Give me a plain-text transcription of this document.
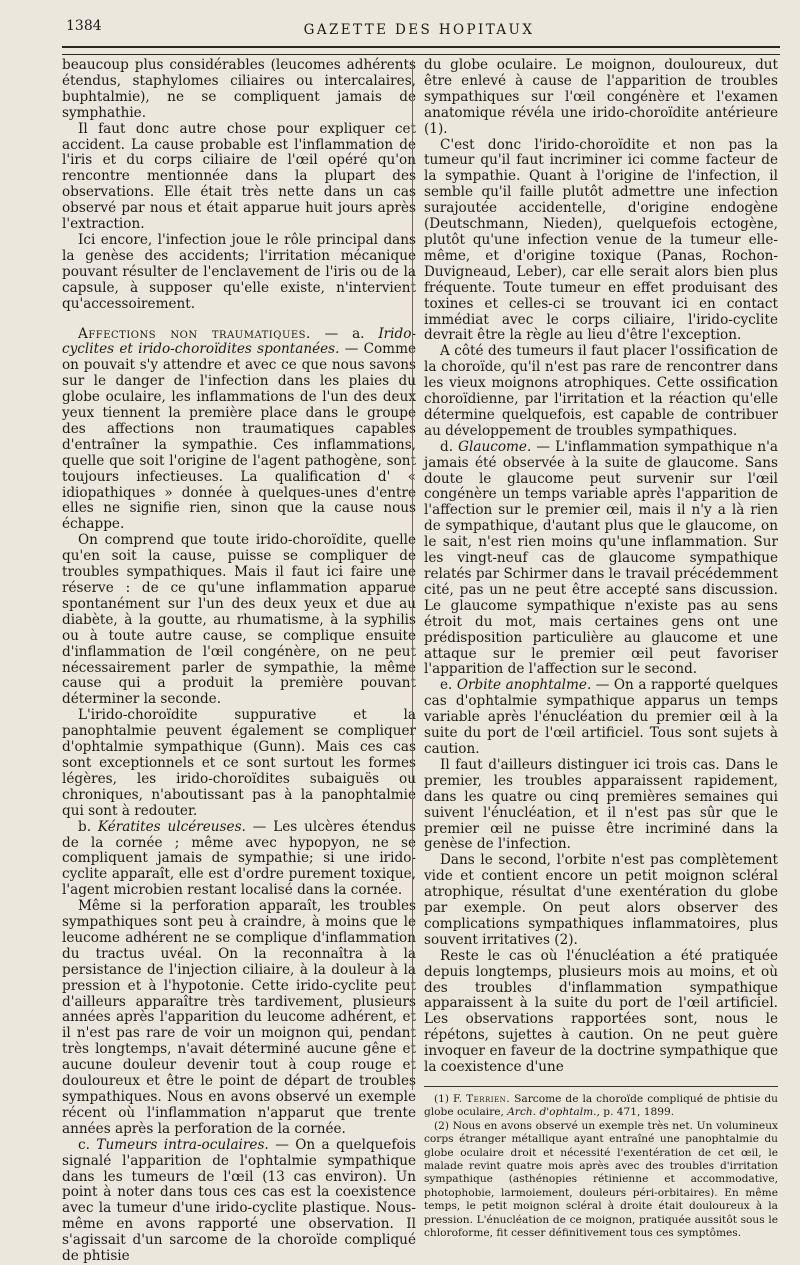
1384	GAZETTE DES HOPITAUX

beaucoup plus considérables (leucomes adhérents étendus, staphylomes ciliaires ou intercalaires, buphtalmie), ne se compliquent jamais de symphathie.

Il faut donc autre chose pour expliquer cet accident. La cause probable est l'inflammation de l'iris et du corps ciliaire de l'œil opéré qu'on rencontre mentionnée dans la plupart des observations. Elle était très nette dans un cas observé par nous et était apparue huit jours après l'extraction.

Ici encore, l'infection joue le rôle principal dans la genèse des accidents; l'irritation mécanique pouvant résulter de l'enclavement de l'iris ou de la capsule, à supposer qu'elle existe, n'intervient qu'accessoirement.

Affections non traumatiques. — a. Irido-cyclites et irido-choroïdites spontanées. — Comme on pouvait s'y attendre et avec ce que nous savons sur le danger de l'infection dans les plaies du globe oculaire, les inflammations de l'un des deux yeux tiennent la première place dans le groupe des affections non traumatiques capables d'entraîner la sympathie. Ces inflammations, quelle que soit l'origine de l'agent pathogène, sont toujours infectieuses. La qualification d' « idiopathiques » donnée à quelques-unes d'entre elles ne signifie rien, sinon que la cause nous échappe.

On comprend que toute irido-choroïdite, quelle qu'en soit la cause, puisse se compliquer de troubles sympathiques. Mais il faut ici faire une réserve : de ce qu'une inflammation apparue spontanément sur l'un des deux yeux et due au diabète, à la goutte, au rhumatisme, à la syphilis ou à toute autre cause, se complique ensuite d'inflammation de l'œil congénère, on ne peut nécessairement parler de sympathie, la même cause qui a produit la première pouvant déterminer la seconde.

L'irido-choroïdite suppurative et la panophtalmie peuvent également se compliquer d'ophtalmie sympathique (Gunn). Mais ces cas sont exceptionnels et ce sont surtout les formes légères, les irido-choroïdites subaiguës ou chroniques, n'aboutissant pas à la panophtalmie qui sont à redouter.

b. Kératites ulcéreuses. — Les ulcères étendus de la cornée ; même avec hypopyon, ne se compliquent jamais de sympathie; si une irido-cyclite apparaît, elle est d'ordre purement toxique, l'agent microbien restant localisé dans la cornée.

Même si la perforation apparaît, les troubles sympathiques sont peu à craindre, à moins que le leucome adhérent ne se complique d'inflammation du tractus uvéal. On la reconnaîtra à la persistance de l'injection ciliaire, à la douleur à la pression et à l'hypotonie. Cette irido-cyclite peut d'ailleurs apparaître très tardivement, plusieurs années après l'apparition du leucome adhérent, et il n'est pas rare de voir un moignon qui, pendant très longtemps, n'avait déterminé aucune gêne et aucune douleur devenir tout à coup rouge et douloureux et être le point de départ de troubles sympathiques. Nous en avons observé un exemple récent où l'inflammation n'apparut que trente années après la perforation de la cornée.

c. Tumeurs intra-oculaires. — On a quelquefois signalé l'apparition de l'ophtalmie sympathique dans les tumeurs de l'œil (13 cas environ). Un point à noter dans tous ces cas est la coexistence avec la tumeur d'une irido-cyclite plastique. Nous-même en avons rapporté une observation. Il s'agissait d'un sarcome de la choroïde compliqué de phtisie

du globe oculaire. Le moignon, douloureux, dut être enlevé à cause de l'apparition de troubles sympathiques sur l'œil congénère et l'examen anatomique révéla une irido-choroïdite antérieure (1).

C'est donc l'irido-choroïdite et non pas la tumeur qu'il faut incriminer ici comme facteur de la sympathie. Quant à l'origine de l'infection, il semble qu'il faille plutôt admettre une infection surajoutée accidentelle, d'origine endogène (Deutschmann, Nieden), quelquefois ectogène, plutôt qu'une infection venue de la tumeur elle-même, et d'origine toxique (Panas, Rochon-Duvigneaud, Leber), car elle serait alors bien plus fréquente. Toute tumeur en effet produisant des toxines et celles-ci se trouvant ici en contact immédiat avec le corps ciliaire, l'irido-cyclite devrait être la règle au lieu d'être l'exception.

A côté des tumeurs il faut placer l'ossification de la choroïde, qu'il n'est pas rare de rencontrer dans les vieux moignons atrophiques. Cette ossification choroïdienne, par l'irritation et la réaction qu'elle détermine quelquefois, est capable de contribuer au développement de troubles sympathiques.

d. Glaucome. — L'inflammation sympathique n'a jamais été observée à la suite de glaucome. Sans doute le glaucome peut survenir sur l'œil congénère un temps variable après l'apparition de l'affection sur le premier œil, mais il n'y a là rien de sympathique, d'autant plus que le glaucome, on le sait, n'est rien moins qu'une inflammation. Sur les vingt-neuf cas de glaucome sympathique relatés par Schirmer dans le travail précédemment cité, pas un ne peut être accepté sans discussion. Le glaucome sympathique n'existe pas au sens étroit du mot, mais certaines gens ont une prédisposition particulière au glaucome et une attaque sur le premier œil peut favoriser l'apparition de l'affection sur le second.

e. Orbite anophtalme. — On a rapporté quelques cas d'ophtalmie sympathique apparus un temps variable après l'énucléation du premier œil à la suite du port de l'œil artificiel. Tous sont sujets à caution.

Il faut d'ailleurs distinguer ici trois cas. Dans le premier, les troubles apparaissent rapidement, dans les quatre ou cinq premières semaines qui suivent l'énucléation, et il n'est pas sûr que le premier œil ne puisse être incriminé dans la genèse de l'infection.

Dans le second, l'orbite n'est pas complètement vide et contient encore un petit moignon scléral atrophique, résultat d'une exentération du globe par exemple. On peut alors observer des complications sympathiques inflammatoires, plus souvent irritatives (2).

Reste le cas où l'énucléation a été pratiquée depuis longtemps, plusieurs mois au moins, et où des troubles d'inflammation sympathique apparaissent à la suite du port de l'œil artificiel. Les observations rapportées sont, nous le répétons, sujettes à caution. On ne peut guère invoquer en faveur de la doctrine sympathique que la coexistence d'une

(1) F. Terrien. Sarcome de la choroïde compliqué de phtisie du globe oculaire, Arch. d'ophtalm., p. 471, 1899.

(2) Nous en avons observé un exemple très net. Un volumineux corps étranger métallique ayant entraîné une panophtalmie du globe oculaire droit et nécessité l'exentération de cet œil, le malade revint quatre mois après avec des troubles d'irritation sympathique (asthénopies rétinienne et accommodative, photophobie, larmoiement, douleurs péri-orbitaires). En même temps, le petit moignon scléral à droite était douloureux à la pression. L'énucléation de ce moignon, pratiquée aussitôt sous le chloroforme, fit cesser définitivement tous ces symptômes.
